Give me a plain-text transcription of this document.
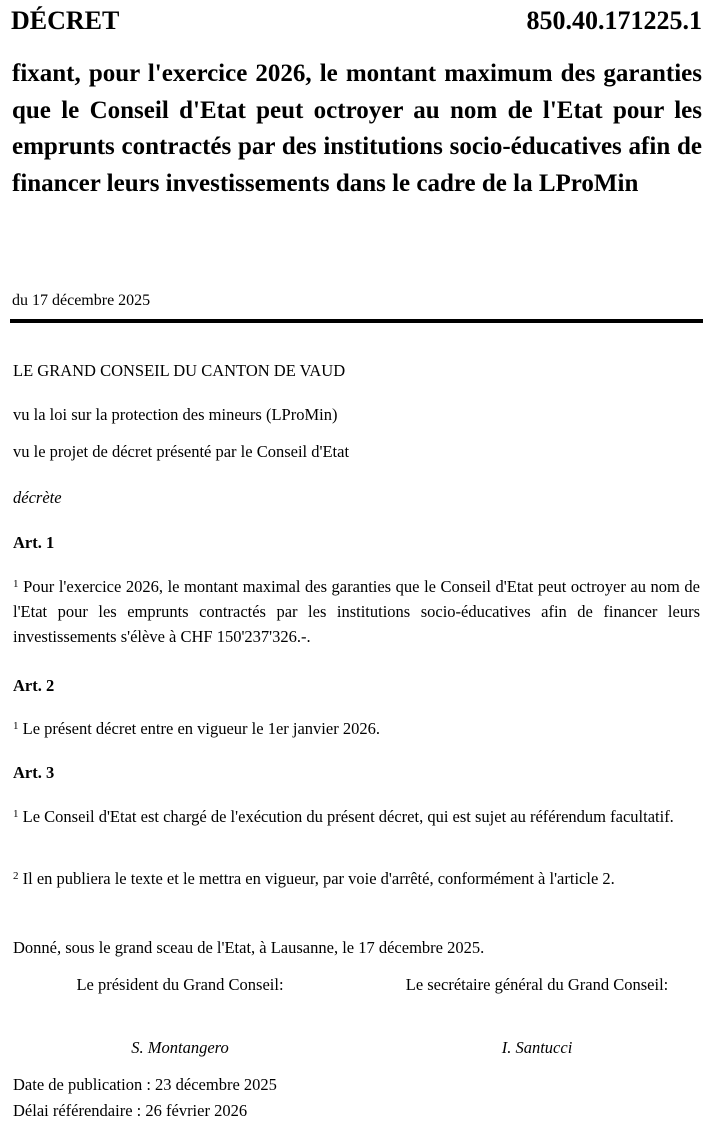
DÉCRET	850.40.171225.1

fixant, pour l'exercice 2026, le montant maximum des garanties que le Conseil d'Etat peut octroyer au nom de l'Etat pour les emprunts contractés par des institutions socio-éducatives afin de financer leurs investissements dans le cadre de la LProMin

du 17 décembre 2025

LE GRAND CONSEIL DU CANTON DE VAUD

vu la loi sur la protection des mineurs (LProMin)

vu le projet de décret présenté par le Conseil d'Etat

décrète

Art. 1

$^1$ Pour l'exercice 2026, le montant maximal des garanties que le Conseil d'Etat peut octroyer au nom de l'Etat pour les emprunts contractés par les institutions socio-éducatives afin de financer leurs investissements s'élève à CHF 150'237'326.-.

Art. 2

$^1$ Le présent décret entre en vigueur le 1er janvier 2026.

Art. 3

$^1$ Le Conseil d'Etat est chargé de l'exécution du présent décret, qui est sujet au référendum facultatif.

$^2$ Il en publiera le texte et le mettra en vigueur, par voie d'arrêté, conformément à l'article 2.

Donné, sous le grand sceau de l'Etat, à Lausanne, le 17 décembre 2025.

Le président du Grand Conseil:
S. Montangero
Le secrétaire général du Grand Conseil:
I. Santucci

Date de publication : 23 décembre 2025

Délai référendaire : 26 février 2026
